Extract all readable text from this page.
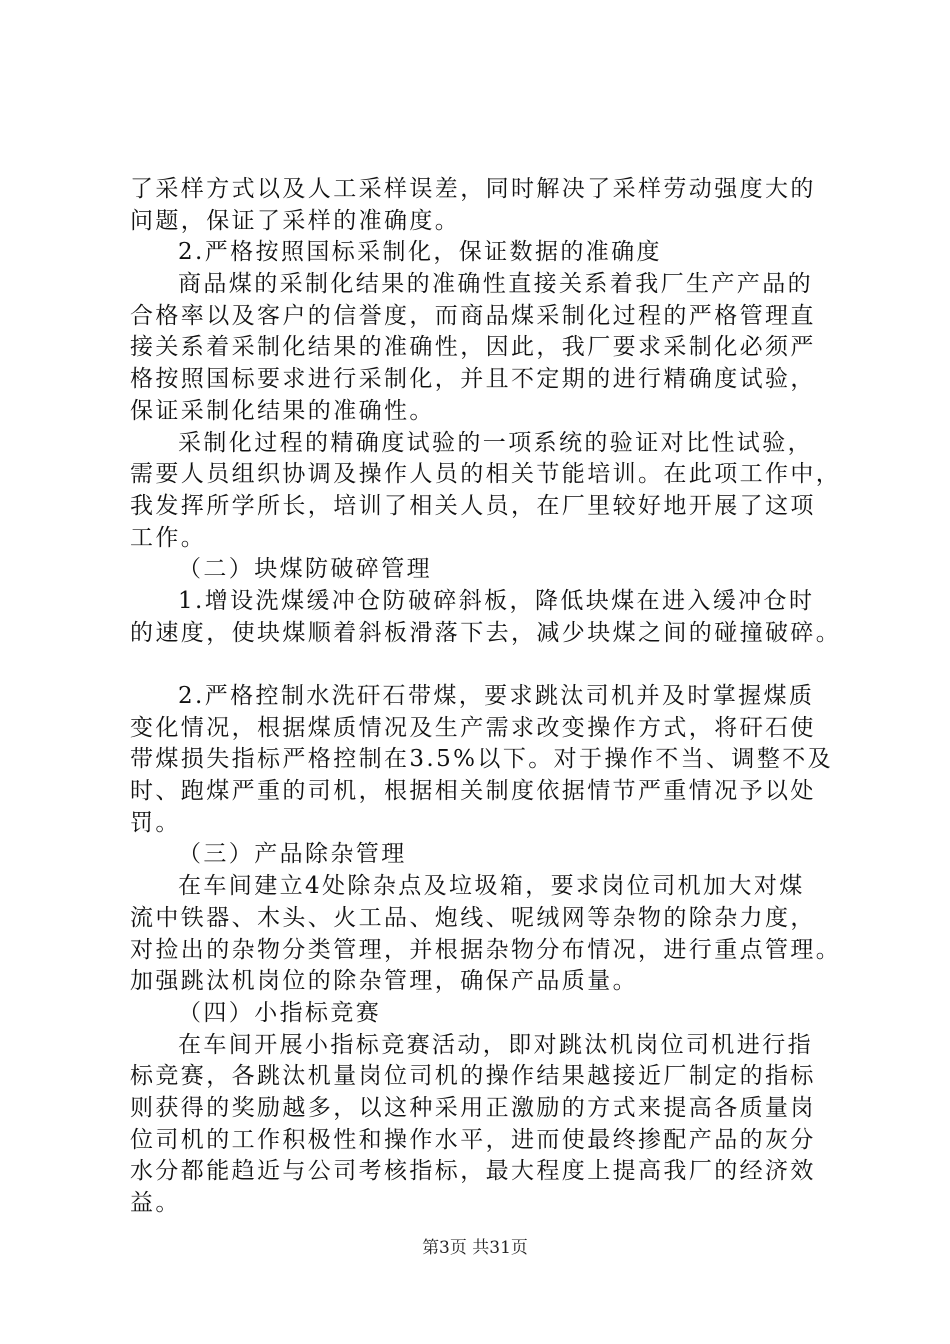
了采样方式以及人工采样误差，同时解决了采样劳动强度大的
问题，保证了采样的准确度。
2.严格按照国标采制化，保证数据的准确度
商品煤的采制化结果的准确性直接关系着我厂生产产品的
合格率以及客户的信誉度，而商品煤采制化过程的严格管理直
接关系着采制化结果的准确性，因此，我厂要求采制化必须严
格按照国标要求进行采制化，并且不定期的进行精确度试验，
保证采制化结果的准确性。
采制化过程的精确度试验的一项系统的验证对比性试验，
需要人员组织协调及操作人员的相关节能培训。在此项工作中，
我发挥所学所长，培训了相关人员，在厂里较好地开展了这项
工作。
（二）块煤防破碎管理
1.增设洗煤缓冲仓防破碎斜板，降低块煤在进入缓冲仓时
的速度，使块煤顺着斜板滑落下去，减少块煤之间的碰撞破碎。
2.严格控制水洗矸石带煤，要求跳汰司机并及时掌握煤质
变化情况，根据煤质情况及生产需求改变操作方式，将矸石使
带煤损失指标严格控制在3.5%以下。对于操作不当、调整不及
时、跑煤严重的司机，根据相关制度依据情节严重情况予以处
罚。
（三）产品除杂管理
在车间建立4处除杂点及垃圾箱，要求岗位司机加大对煤
流中铁器、木头、火工品、炮线、呢绒网等杂物的除杂力度，
对捡出的杂物分类管理，并根据杂物分布情况，进行重点管理。
加强跳汰机岗位的除杂管理，确保产品质量。
（四）小指标竞赛
在车间开展小指标竞赛活动，即对跳汰机岗位司机进行指
标竞赛，各跳汰机量岗位司机的操作结果越接近厂制定的指标
则获得的奖励越多，以这种采用正激励的方式来提高各质量岗
位司机的工作积极性和操作水平，进而使最终掺配产品的灰分
水分都能趋近与公司考核指标，最大程度上提高我厂的经济效
益。
第3页 共31页
